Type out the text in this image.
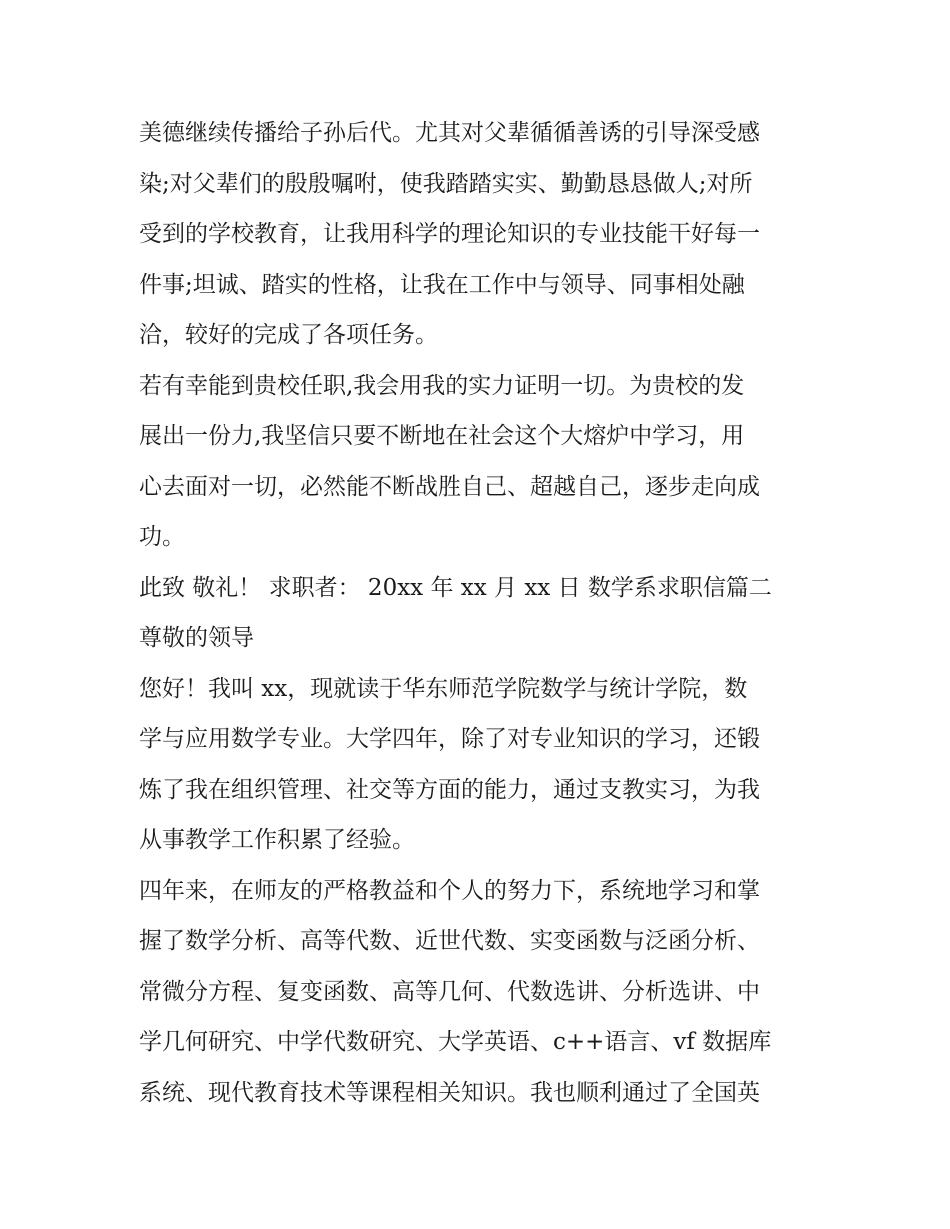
美德继续传播给子孙后代。尤其对父辈循循善诱的引导深受感
染;对父辈们的殷殷嘱咐，使我踏踏实实、勤勤恳恳做人;对所
受到的学校教育，让我用科学的理论知识的专业技能干好每一
件事;坦诚、踏实的性格，让我在工作中与领导、同事相处融
洽，较好的完成了各项任务。

若有幸能到贵校任职,我会用我的实力证明一切。为贵校的发
展出一份力,我坚信只要不断地在社会这个大熔炉中学习，用
心去面对一切，必然能不断战胜自己、超越自己，逐步走向成
功。

此致 敬礼！ 求职者： 20xx 年 xx 月 xx 日 数学系求职信篇二
尊敬的领导

您好！我叫 xx，现就读于华东师范学院数学与统计学院，数
学与应用数学专业。大学四年，除了对专业知识的学习，还锻
炼了我在组织管理、社交等方面的能力，通过支教实习，为我
从事教学工作积累了经验。

四年来，在师友的严格教益和个人的努力下，系统地学习和掌
握了数学分析、高等代数、近世代数、实变函数与泛函分析、
常微分方程、复变函数、高等几何、代数选讲、分析选讲、中
学几何研究、中学代数研究、大学英语、c++语言、vf 数据库
系统、现代教育技术等课程相关知识。我也顺利通过了全国英
